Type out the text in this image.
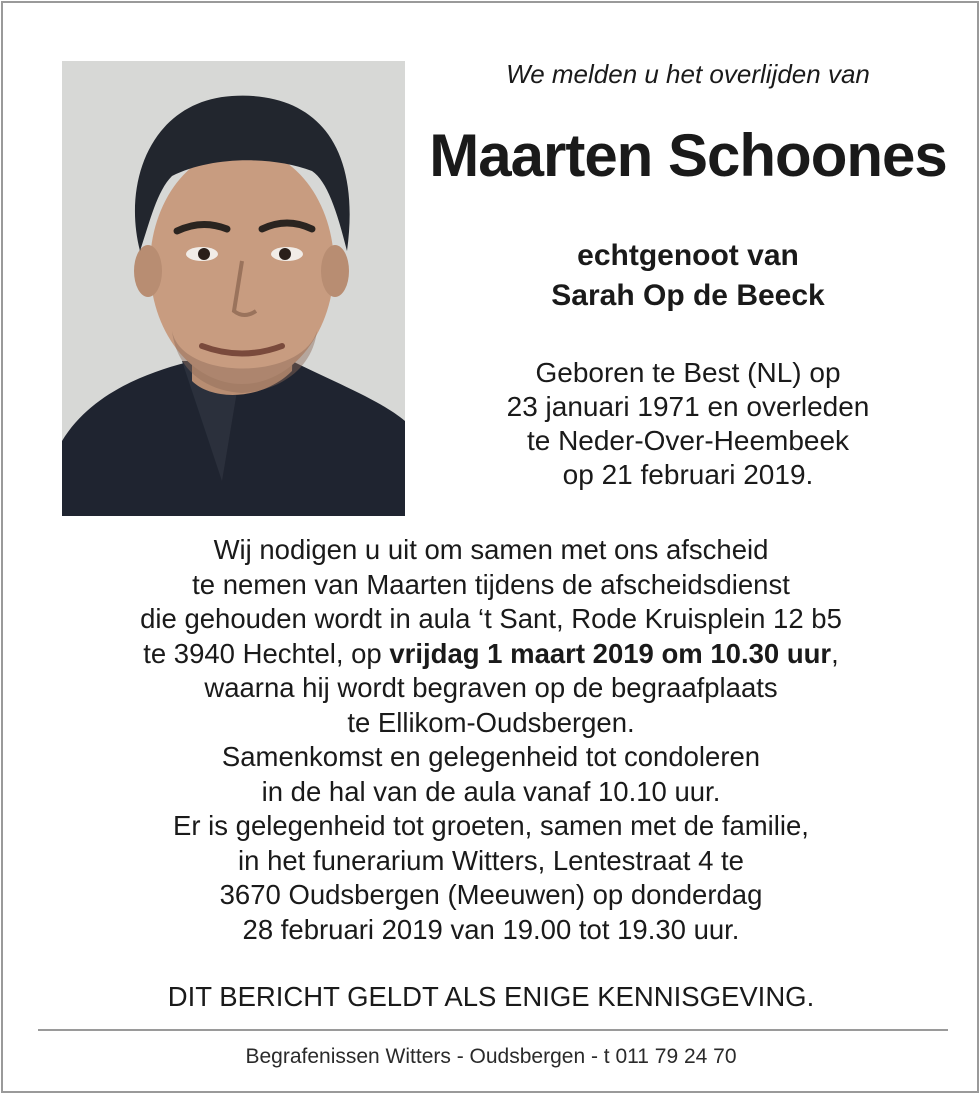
We melden u het overlijden van
Maarten Schoones
echtgenoot van
Sarah Op de Beeck
Geboren te Best (NL) op
23 januari 1971 en overleden
te Neder-Over-Heembeek
op 21 februari 2019.
Wij nodigen u uit om samen met ons afscheid
te nemen van Maarten tijdens de afscheidsdienst
die gehouden wordt in aula ‘t Sant, Rode Kruisplein 12 b5
te 3940 Hechtel, op vrijdag 1 maart 2019 om 10.30 uur,
waarna hij wordt begraven op de begraafplaats
te Ellikom-Oudsbergen.
Samenkomst en gelegenheid tot condoleren
in de hal van de aula vanaf 10.10 uur.
Er is gelegenheid tot groeten, samen met de familie,
in het funerarium Witters, Lentestraat 4 te
3670 Oudsbergen (Meeuwen) op donderdag
28 februari 2019 van 19.00 tot 19.30 uur.
DIT BERICHT GELDT ALS ENIGE KENNISGEVING.
Begrafenissen Witters - Oudsbergen - t 011 79 24 70
